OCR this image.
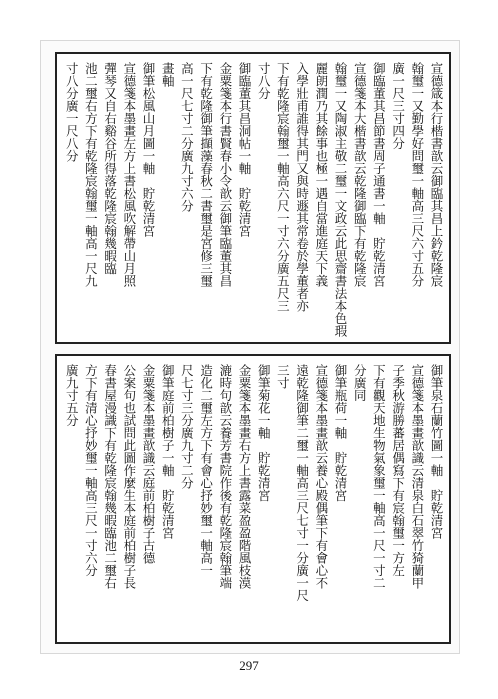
宣德箴本行楷書歆云御臨其昌上鈐乾隆宸
翰璽一又勤學好問璽一軸高三尺六寸五分
廣一尺三寸四分
御臨董其昌節書周子通書一軸　貯乾清宮
宣德箋本大楷書歆云乾隆御臨下有乾隆宸
翰璽一又陶淑主敬二璽一文政云此思齋書法本色瑕
麗朗潤乃其餘事也極一遇自當進庭天下義
入學壯甫誰得其門又與時遯其常卷於學董者亦
下有乾隆宸翰璽一軸高六尺一寸六分廣五尺三
寸八分
御臨董其昌洞帖一軸　貯乾清宮
金粟箋本行書賢春小令歆云御筆臨董其昌
下有乾隆御筆擷藻春秋二書璽是宮修三璽
高一尺七寸二分廣九寸六分
畫軸
御筆松風山月圖一軸　貯乾清宮
宣德箋本墨畫左方上書松風吹解帶山月照
彈琴又自右谿谷所得落乾隆宸翰幾暇臨
池二璽右方下有乾隆宸翰璽一軸高一尺九
寸八分廣一尺八分
御筆泉石蘭竹圖一軸　貯乾清宮
宣德箋本墨畫歆識云清泉白石翠竹猗蘭甲
子季秋游勝蕃居偶寫下有宸翰璽一方左
下有觀天地生物氣象璽一軸高一尺一寸二
分廣同
御筆瓶荷一軸　貯乾清宮
宣德箋本墨畫歆云養心殿偶筆下有會心不
遠乾隆御筆二璽一軸高三尺七寸一分廣一尺
三寸
御筆菊花一軸　貯乾清宮
金粟箋本墨畫右方上書露菜盈盈階風枝漠
漉時句歆云養芳書院作後有乾隆宸翰筆端
造化二璽左方下有會心抒妙璽一軸高一
尺七寸三分廣九寸二分
御筆庭前柏樹子一軸　貯乾清宮
金粟箋本墨畫歆識云庭前柏樹子古德
公案句也試問此圖作麼生本庭前柏樹子長
春書屋漫識下有乾隆宸翰幾暇臨池二璽右
方下有清心抒妙璽一軸高三尺一寸六分
廣九寸五分
297
